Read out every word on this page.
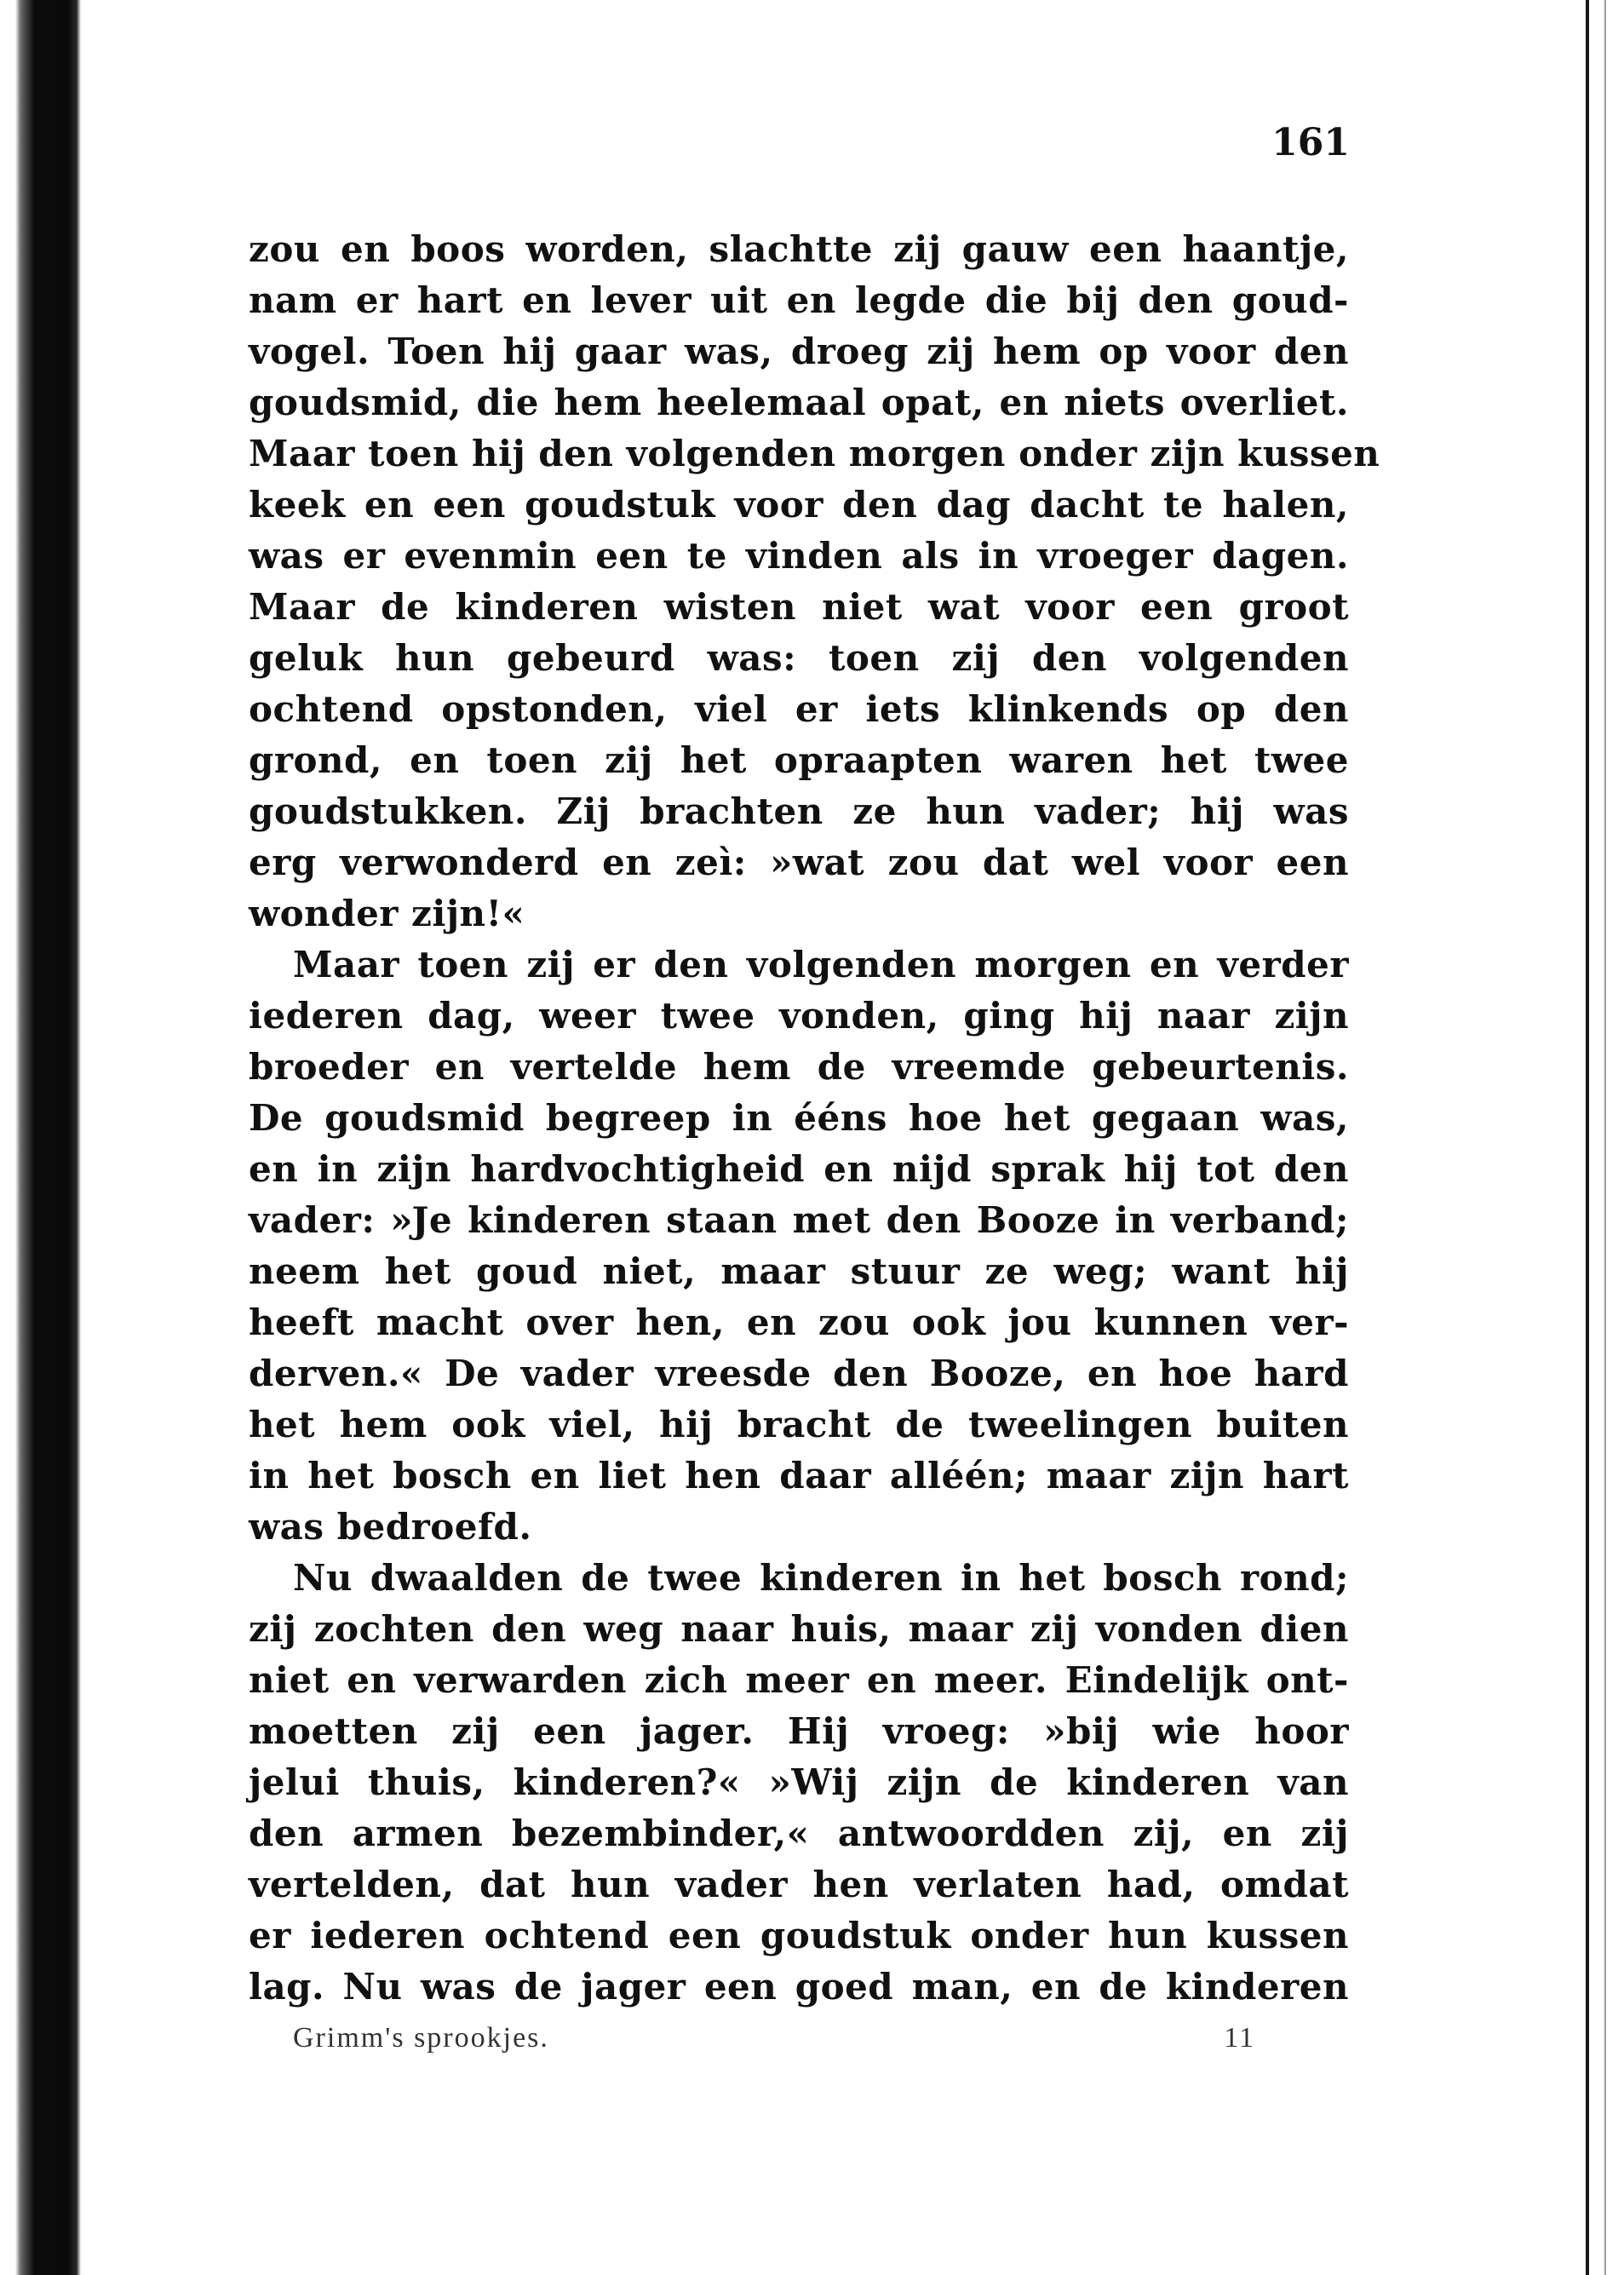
161
zou en boos worden, slachtte zij gauw een haantje,
nam er hart en lever uit en legde die bij den goud-
vogel. Toen hij gaar was, droeg zij hem op voor den
goudsmid, die hem heelemaal opat, en niets overliet.
Maar toen hij den volgenden morgen onder zijn kussen
keek en een goudstuk voor den dag dacht te halen,
was er evenmin een te vinden als in vroeger dagen.
Maar de kinderen wisten niet wat voor een groot
geluk hun gebeurd was: toen zij den volgenden
ochtend opstonden, viel er iets klinkends op den
grond, en toen zij het opraapten waren het twee
goudstukken. Zij brachten ze hun vader; hij was
erg verwonderd en zeì: »wat zou dat wel voor een
wonder zijn!«
Maar toen zij er den volgenden morgen en verder
iederen dag, weer twee vonden, ging hij naar zijn
broeder en vertelde hem de vreemde gebeurtenis.
De goudsmid begreep in ééns hoe het gegaan was,
en in zijn hardvochtigheid en nijd sprak hij tot den
vader: »Je kinderen staan met den Booze in verband;
neem het goud niet, maar stuur ze weg; want hij
heeft macht over hen, en zou ook jou kunnen ver-
derven.« De vader vreesde den Booze, en hoe hard
het hem ook viel, hij bracht de tweelingen buiten
in het bosch en liet hen daar alléén; maar zijn hart
was bedroefd.
Nu dwaalden de twee kinderen in het bosch rond;
zij zochten den weg naar huis, maar zij vonden dien
niet en verwarden zich meer en meer. Eindelijk ont-
moetten zij een jager. Hij vroeg: »bij wie hoor
jelui thuis, kinderen?« »Wij zijn de kinderen van
den armen bezembinder,« antwoordden zij, en zij
vertelden, dat hun vader hen verlaten had, omdat
er iederen ochtend een goudstuk onder hun kussen
lag. Nu was de jager een goed man, en de kinderen
Grimm's sprookjes.	11
